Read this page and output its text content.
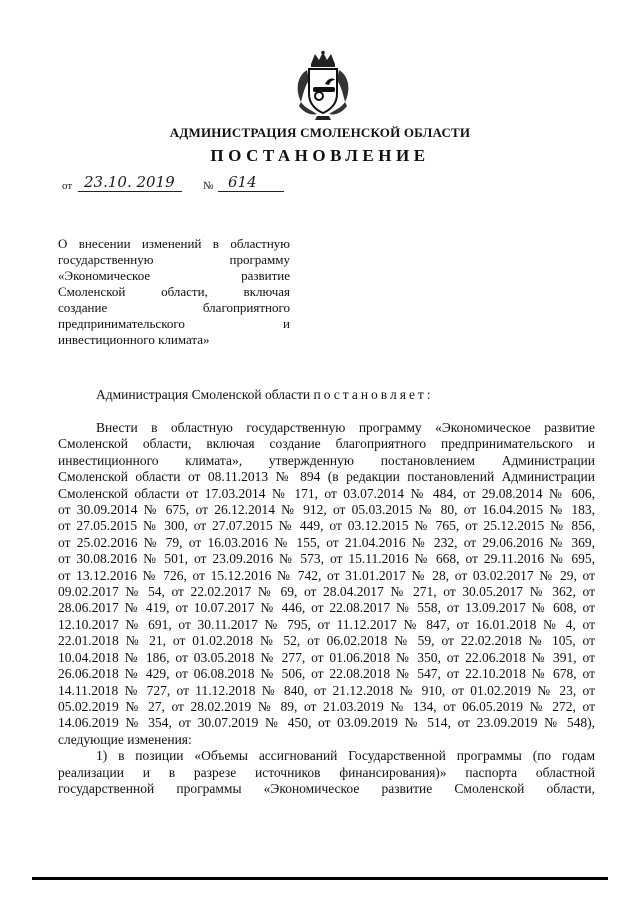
АДМИНИСТРАЦИЯ СМОЛЕНСКОЙ ОБЛАСТИ
ПОСТАНОВЛЕНИЕ
от 23.10. 2019	№ 614
О внесении изменений в областную
государственную программу
«Экономическое развитие
Смоленской области, включая
создание благоприятного
предпринимательского и
инвестиционного климата»
Администрация Смоленской области постановляет:
Внести в областную государственную программу «Экономическое развитие
Смоленской области, включая создание благоприятного предпринимательского и
инвестиционного климата», утвержденную постановлением Администрации
Смоленской области от 08.11.2013 № 894 (в редакции постановлений Администрации
Смоленской области от 17.03.2014 № 171, от 03.07.2014 № 484, от 29.08.2014 № 606,
от 30.09.2014 № 675, от 26.12.2014 № 912, от 05.03.2015 № 80, от 16.04.2015 № 183,
от 27.05.2015 № 300, от 27.07.2015 № 449, от 03.12.2015 № 765, от 25.12.2015 № 856,
от 25.02.2016 № 79, от 16.03.2016 № 155, от 21.04.2016 № 232, от 29.06.2016 № 369,
от 30.08.2016 № 501, от 23.09.2016 № 573, от 15.11.2016 № 668, от 29.11.2016 № 695,
от 13.12.2016 № 726, от 15.12.2016 № 742, от 31.01.2017 № 28, от 03.02.2017 № 29, от
09.02.2017 № 54, от 22.02.2017 № 69, от 28.04.2017 № 271, от 30.05.2017 № 362, от
28.06.2017 № 419, от 10.07.2017 № 446, от 22.08.2017 № 558, от 13.09.2017 № 608, от
12.10.2017 № 691, от 30.11.2017 № 795, от 11.12.2017 № 847, от 16.01.2018 № 4, от
22.01.2018 № 21, от 01.02.2018 № 52, от 06.02.2018 № 59, от 22.02.2018 № 105, от
10.04.2018 № 186, от 03.05.2018 № 277, от 01.06.2018 № 350, от 22.06.2018 № 391, от
26.06.2018 № 429, от 06.08.2018 № 506, от 22.08.2018 № 547, от 22.10.2018 № 678, от
14.11.2018 № 727, от 11.12.2018 № 840, от 21.12.2018 № 910, от 01.02.2019 № 23, от
05.02.2019 № 27, от 28.02.2019 № 89, от 21.03.2019 № 134, от 06.05.2019 № 272, от
14.06.2019 № 354, от 30.07.2019 № 450, от 03.09.2019 № 514, от 23.09.2019 № 548),
следующие изменения:
1) в позиции «Объемы ассигнований Государственной программы (по годам
реализации и в разрезе источников финансирования)» паспорта областной
государственной программы «Экономическое развитие Смоленской области,
